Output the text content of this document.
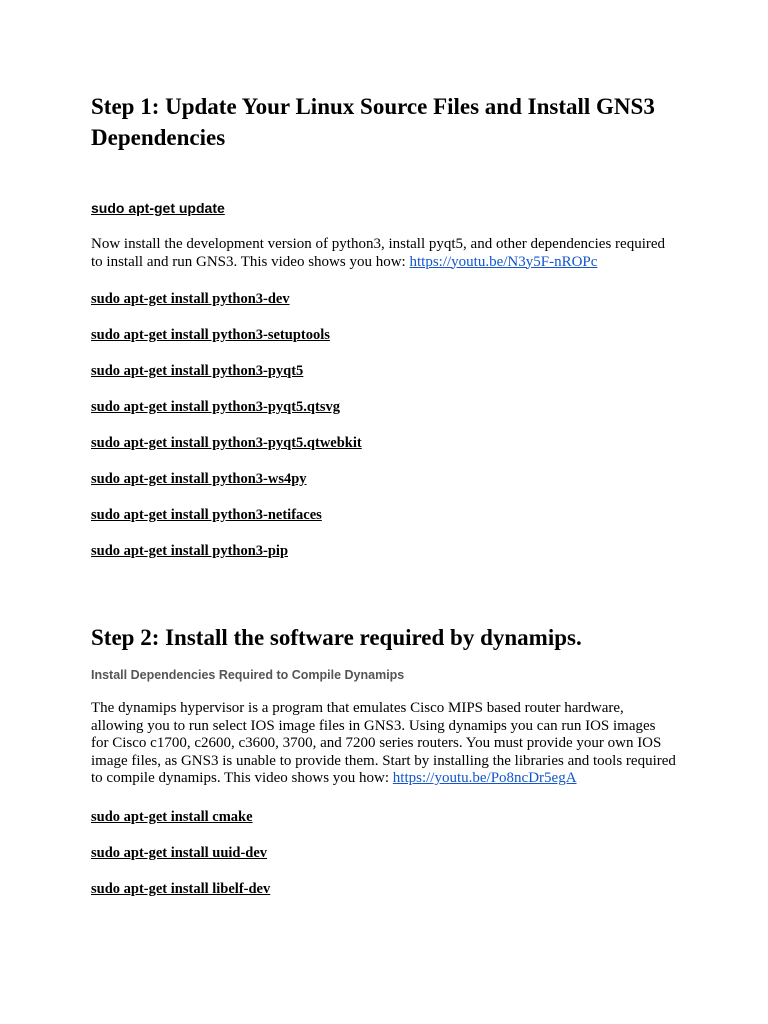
Step 1: Update Your Linux Source Files and Install GNS3
Dependencies
sudo apt-get update
Now install the development version of python3, install pyqt5, and other dependencies required
to install and run GNS3. This video shows you how: https://youtu.be/N3y5F-nROPc
sudo apt-get install python3-dev
sudo apt-get install python3-setuptools
sudo apt-get install python3-pyqt5
sudo apt-get install python3-pyqt5.qtsvg
sudo apt-get install python3-pyqt5.qtwebkit
sudo apt-get install python3-ws4py
sudo apt-get install python3-netifaces
sudo apt-get install python3-pip
Step 2: Install the software required by dynamips.
Install Dependencies Required to Compile Dynamips
The dynamips hypervisor is a program that emulates Cisco MIPS based router hardware,
allowing you to run select IOS image files in GNS3. Using dynamips you can run IOS images
for Cisco c1700, c2600, c3600, 3700, and 7200 series routers. You must provide your own IOS
image files, as GNS3 is unable to provide them. Start by installing the libraries and tools required
to compile dynamips. This video shows you how: https://youtu.be/Po8ncDr5egA
sudo apt-get install cmake
sudo apt-get install uuid-dev
sudo apt-get install libelf-dev
